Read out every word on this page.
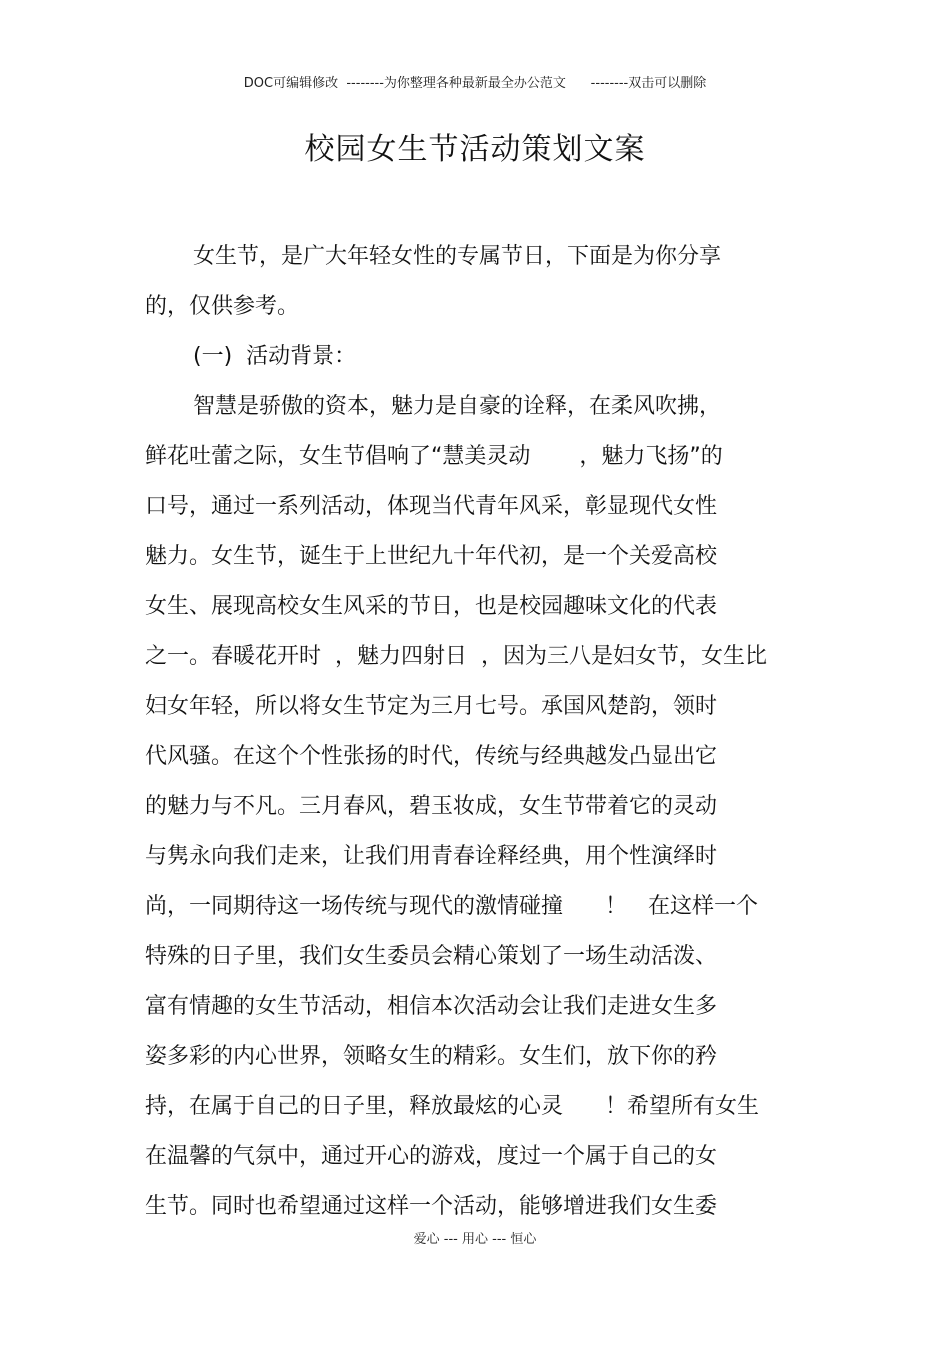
DOC可编辑修改  --------为你整理各种最新最全办公范文      --------双击可以删除
校园女生节活动策划文案
女生节，是广大年轻女性的专属节日，下面是为你分享
的，仅供参考。
(一)  活动背景：
智慧是骄傲的资本，魅力是自豪的诠释，在柔风吹拂，
鲜花吐蕾之际，女生节倡响了“慧美灵动       ，魅力飞扬”的
口号，通过一系列活动，体现当代青年风采，彰显现代女性
魅力。女生节，诞生于上世纪九十年代初，是一个关爱高校
女生、展现高校女生风采的节日，也是校园趣味文化的代表
之一。春暖花开时  ，魅力四射日  ，因为三八是妇女节，女生比
妇女年轻，所以将女生节定为三月七号。承国风楚韵，领时
代风骚。在这个个性张扬的时代，传统与经典越发凸显出它
的魅力与不凡。三月春风，碧玉妆成，女生节带着它的灵动
与隽永向我们走来，让我们用青春诠释经典，用个性演绎时
尚，一同期待这一场传统与现代的激情碰撞      ！   在这样一个
特殊的日子里，我们女生委员会精心策划了一场生动活泼、
富有情趣的女生节活动，相信本次活动会让我们走进女生多
姿多彩的内心世界，领略女生的精彩。女生们，放下你的矜
持，在属于自己的日子里，释放最炫的心灵      ！希望所有女生
在温馨的气氛中，通过开心的游戏，度过一个属于自己的女
生节。同时也希望通过这样一个活动，能够增进我们女生委
爱心 --- 用心 --- 恒心
